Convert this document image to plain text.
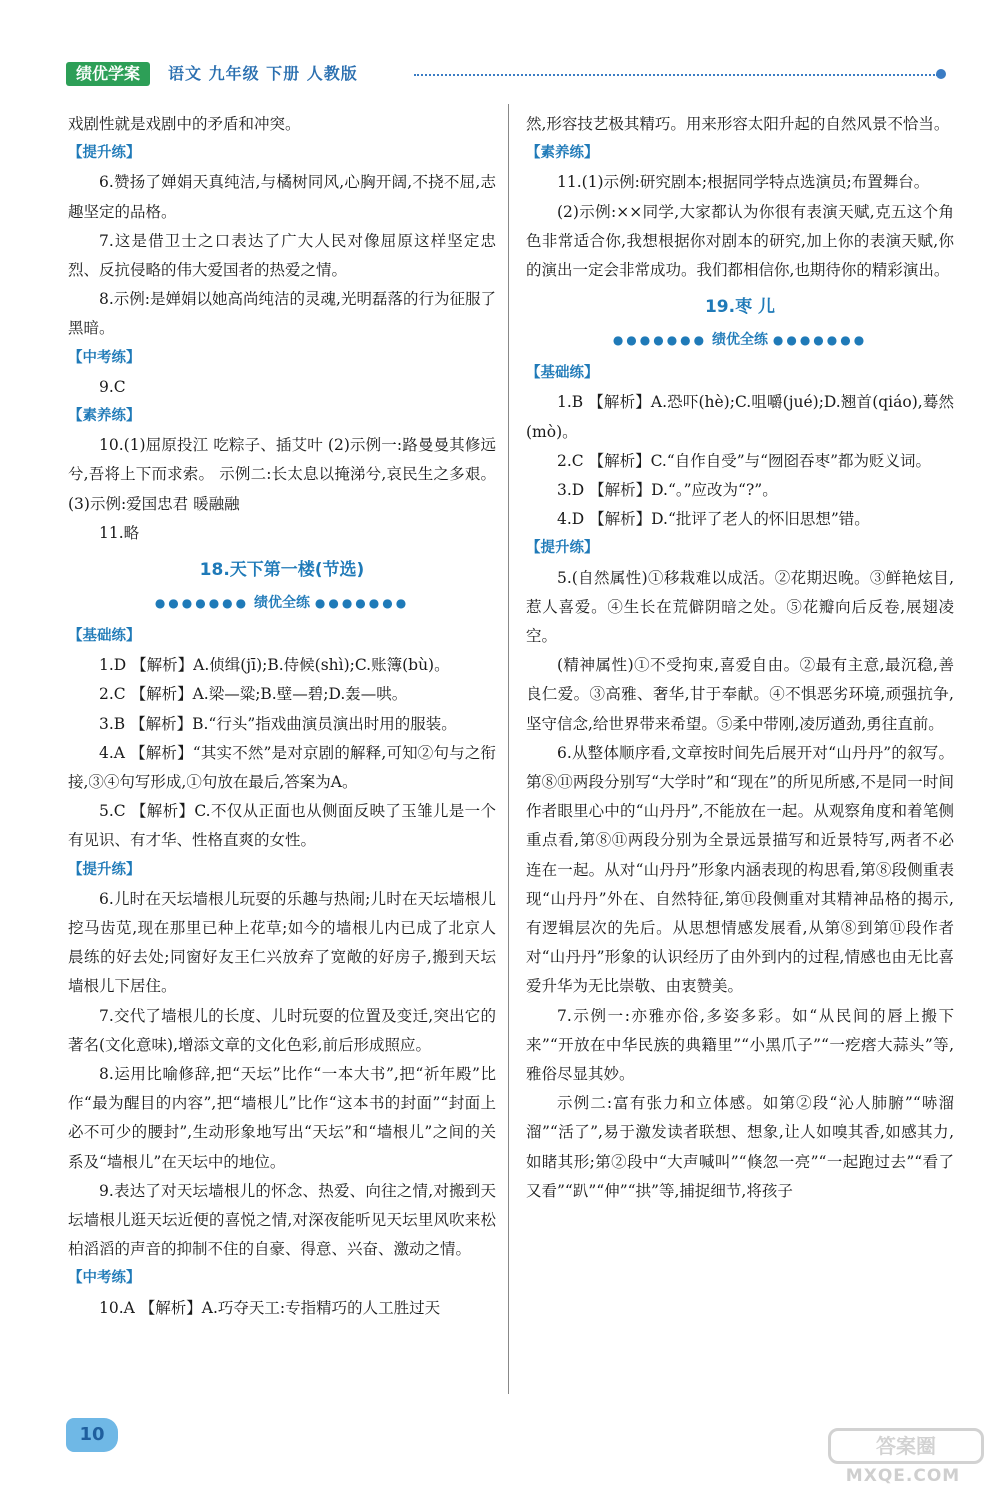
绩优学案	语文 九年级 下册 人教版

戏剧性就是戏剧中的矛盾和冲突。

【提升练】

6.赞扬了婵娟天真纯洁,与橘树同风,心胸开阔,不挠不屈,志趣坚定的品格。

7.这是借卫士之口表达了广大人民对像屈原这样坚定忠烈、反抗侵略的伟大爱国者的热爱之情。

8.示例:是婵娟以她高尚纯洁的灵魂,光明磊落的行为征服了黑暗。

【中考练】

9.C

【素养练】

10.(1)屈原投江 吃粽子、插艾叶 (2)示例一:路曼曼其修远兮,吾将上下而求索。 示例二:长太息以掩涕兮,哀民生之多艰。 (3)示例:爱国忠君 暖融融

11.略

18.天下第一楼(节选)
●●●●●●● 绩优全练 ●●●●●●●
【基础练】

1.D 【解析】A.侦缉(jī);B.侍候(shì);C.账簿(bù)。

2.C 【解析】A.梁—粱;B.壁—碧;D.轰—哄。

3.B 【解析】B.“行头”指戏曲演员演出时用的服装。

4.A 【解析】“其实不然”是对京剧的解释,可知②句与之衔接,③④句写形成,①句放在最后,答案为A。

5.C 【解析】C.不仅从正面也从侧面反映了玉雏儿是一个有见识、有才华、性格直爽的女性。

【提升练】

6.儿时在天坛墙根儿玩耍的乐趣与热闹;儿时在天坛墙根儿挖马齿苋,现在那里已种上花草;如今的墙根儿内已成了北京人晨练的好去处;同窗好友王仁兴放弃了宽敞的好房子,搬到天坛墙根儿下居住。

7.交代了墙根儿的长度、儿时玩耍的位置及变迁,突出它的著名(文化意味),增添文章的文化色彩,前后形成照应。

8.运用比喻修辞,把“天坛”比作“一本大书”,把“祈年殿”比作“最为醒目的内容”,把“墙根儿”比作“这本书的封面”“封面上必不可少的腰封”,生动形象地写出“天坛”和“墙根儿”之间的关系及“墙根儿”在天坛中的地位。

9.表达了对天坛墙根儿的怀念、热爱、向往之情,对搬到天坛墙根儿逛天坛近便的喜悦之情,对深夜能听见天坛里风吹来松柏滔滔的声音的抑制不住的自豪、得意、兴奋、激动之情。

【中考练】

10.A 【解析】A.巧夺天工:专指精巧的人工胜过天

然,形容技艺极其精巧。用来形容太阳升起的自然风景不恰当。

【素养练】

11.(1)示例:研究剧本;根据同学特点选演员;布置舞台。

(2)示例:××同学,大家都认为你很有表演天赋,克五这个角色非常适合你,我想根据你对剧本的研究,加上你的表演天赋,你的演出一定会非常成功。我们都相信你,也期待你的精彩演出。

19.枣 儿
●●●●●●● 绩优全练 ●●●●●●●
【基础练】

1.B 【解析】A.恐吓(hè);C.咀嚼(jué);D.翘首(qiáo),蓦然(mò)。

2.C 【解析】C.“自作自受”与“囫囵吞枣”都为贬义词。

3.D 【解析】D.“。”应改为“?”。

4.D 【解析】D.“批评了老人的怀旧思想”错。

【提升练】

5.(自然属性)①移栽难以成活。②花期迟晚。③鲜艳炫目,惹人喜爱。④生长在荒僻阴暗之处。⑤花瓣向后反卷,展翅凌空。

(精神属性)①不受拘束,喜爱自由。②最有主意,最沉稳,善良仁爱。③高雅、奢华,甘于奉献。④不惧恶劣环境,顽强抗争,坚守信念,给世界带来希望。⑤柔中带刚,凌厉遒劲,勇往直前。

6.从整体顺序看,文章按时间先后展开对“山丹丹”的叙写。第⑧⑪两段分别写“大学时”和“现在”的所见所感,不是同一时间作者眼里心中的“山丹丹”,不能放在一起。从观察角度和着笔侧重点看,第⑧⑪两段分别为全景远景描写和近景特写,两者不必连在一起。从对“山丹丹”形象内涵表现的构思看,第⑧段侧重表现“山丹丹”外在、自然特征,第⑪段侧重对其精神品格的揭示,有逻辑层次的先后。从思想情感发展看,从第⑧到第⑪段作者对“山丹丹”形象的认识经历了由外到内的过程,情感也由无比喜爱升华为无比崇敬、由衷赞美。

7.示例一:亦雅亦俗,多姿多彩。如“从民间的唇上搬下来”“开放在中华民族的典籍里”“小黑爪子”“一疙瘩大蒜头”等,雅俗尽显其妙。

示例二:富有张力和立体感。如第②段“沁人肺腑”“哧溜溜”“活了”,易于激发读者联想、想象,让人如嗅其香,如感其力,如睹其形;第②段中“大声喊叫”“倏忽一亮”“一起跑过去”“看了又看”“趴”“伸”“拱”等,捕捉细节,将孩子

10	答案圈
MXQE.COM
